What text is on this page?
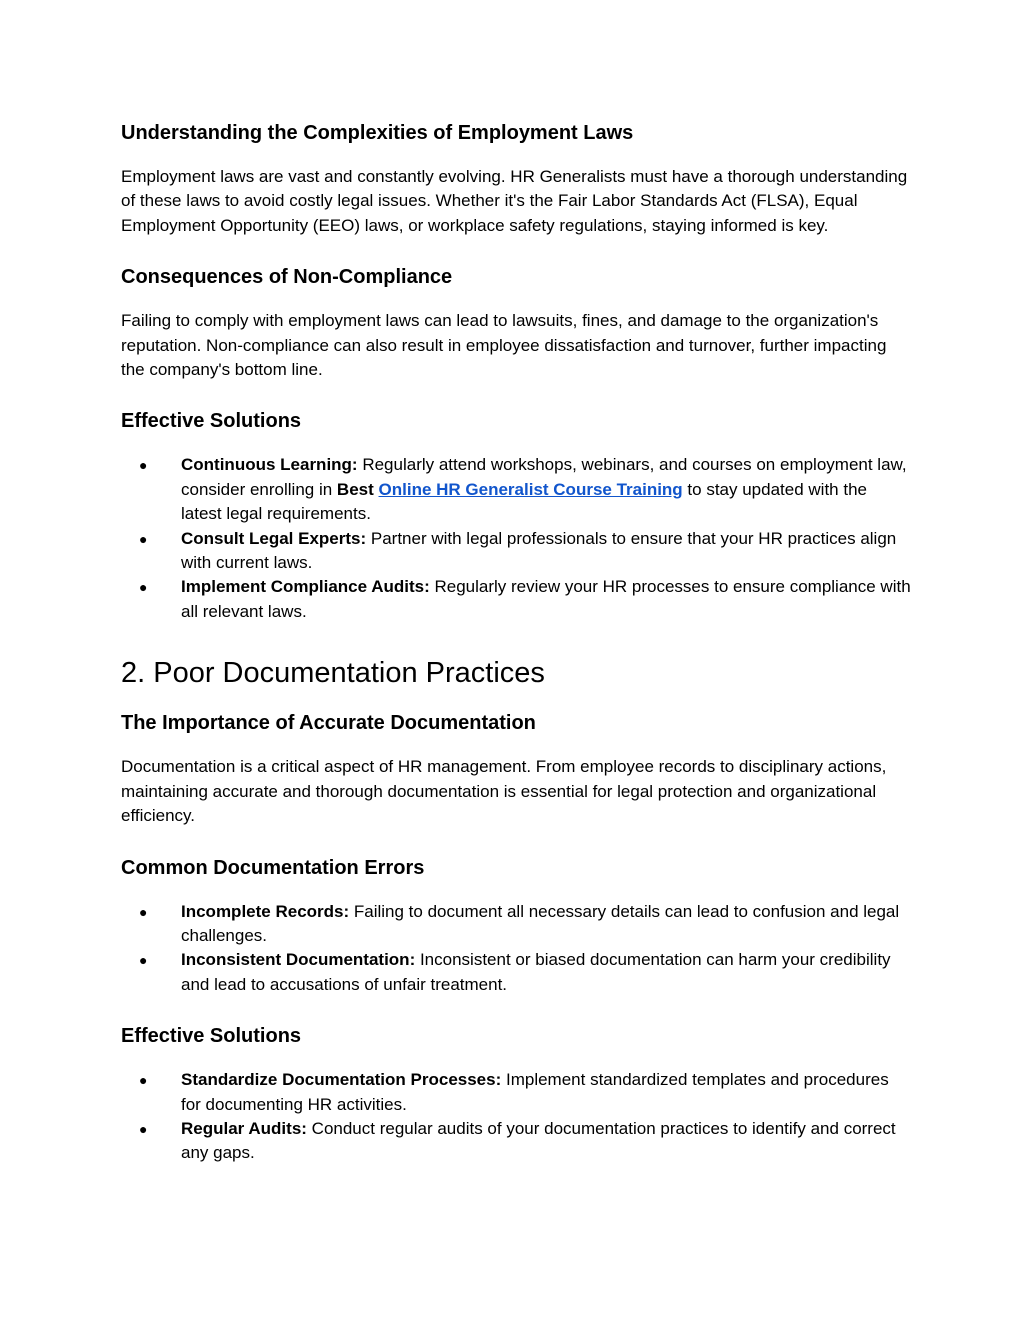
Understanding the Complexities of Employment Laws

Employment laws are vast and constantly evolving. HR Generalists must have a thorough understanding of these laws to avoid costly legal issues. Whether it's the Fair Labor Standards Act (FLSA), Equal Employment Opportunity (EEO) laws, or workplace safety regulations, staying informed is key.

Consequences of Non-Compliance

Failing to comply with employment laws can lead to lawsuits, fines, and damage to the organization's reputation. Non-compliance can also result in employee dissatisfaction and turnover, further impacting the company's bottom line.

Effective Solutions
● Continuous Learning: Regularly attend workshops, webinars, and courses on employment law, consider enrolling in Best Online HR Generalist Course Training to stay updated with the latest legal requirements.
● Consult Legal Experts: Partner with legal professionals to ensure that your HR practices align with current laws.
● Implement Compliance Audits: Regularly review your HR processes to ensure compliance with all relevant laws.
2. Poor Documentation Practices
The Importance of Accurate Documentation

Documentation is a critical aspect of HR management. From employee records to disciplinary actions, maintaining accurate and thorough documentation is essential for legal protection and organizational efficiency.

Common Documentation Errors
● Incomplete Records: Failing to document all necessary details can lead to confusion and legal challenges.
● Inconsistent Documentation: Inconsistent or biased documentation can harm your credibility and lead to accusations of unfair treatment.
Effective Solutions
● Standardize Documentation Processes: Implement standardized templates and procedures for documenting HR activities.
● Regular Audits: Conduct regular audits of your documentation practices to identify and correct any gaps.
